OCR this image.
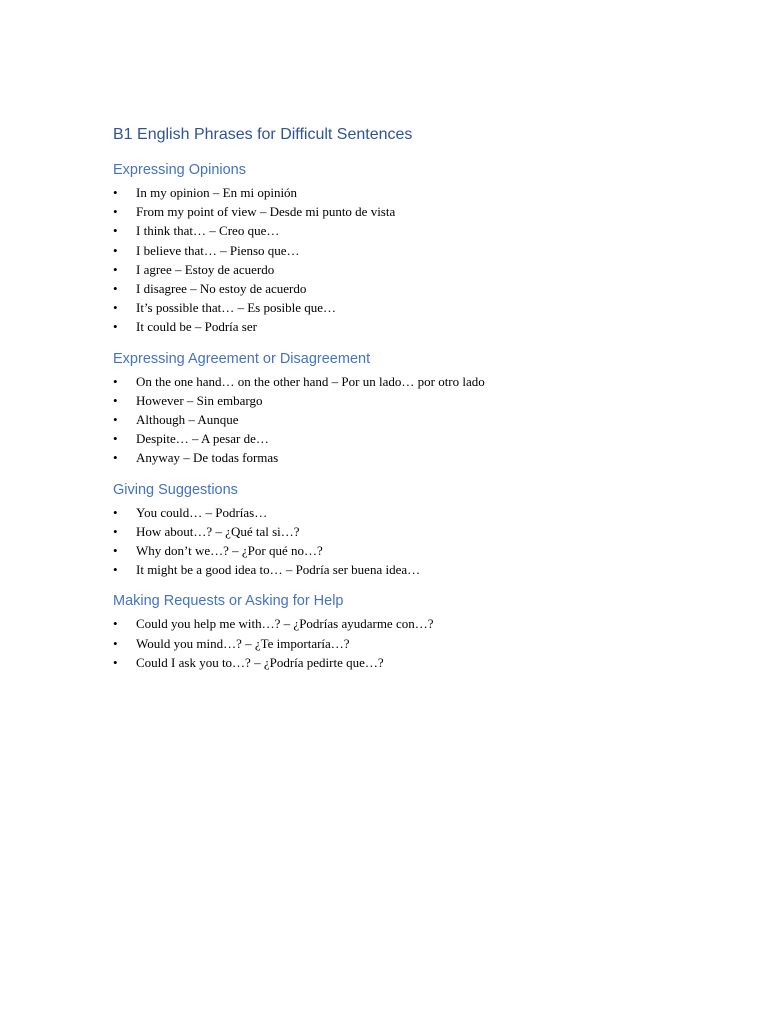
B1 English Phrases for Difficult Sentences
Expressing Opinions
• In my opinion – En mi opinión
• From my point of view – Desde mi punto de vista
• I think that… – Creo que…
• I believe that… – Pienso que…
• I agree – Estoy de acuerdo
• I disagree – No estoy de acuerdo
• It’s possible that… – Es posible que…
• It could be – Podría ser
Expressing Agreement or Disagreement
• On the one hand… on the other hand – Por un lado… por otro lado
• However – Sin embargo
• Although – Aunque
• Despite… – A pesar de…
• Anyway – De todas formas
Giving Suggestions
• You could… – Podrías…
• How about…? – ¿Qué tal si…?
• Why don’t we…? – ¿Por qué no…?
• It might be a good idea to… – Podría ser buena idea…
Making Requests or Asking for Help
• Could you help me with…? – ¿Podrías ayudarme con…?
• Would you mind…? – ¿Te importaría…?
• Could I ask you to…? – ¿Podría pedirte que…?
